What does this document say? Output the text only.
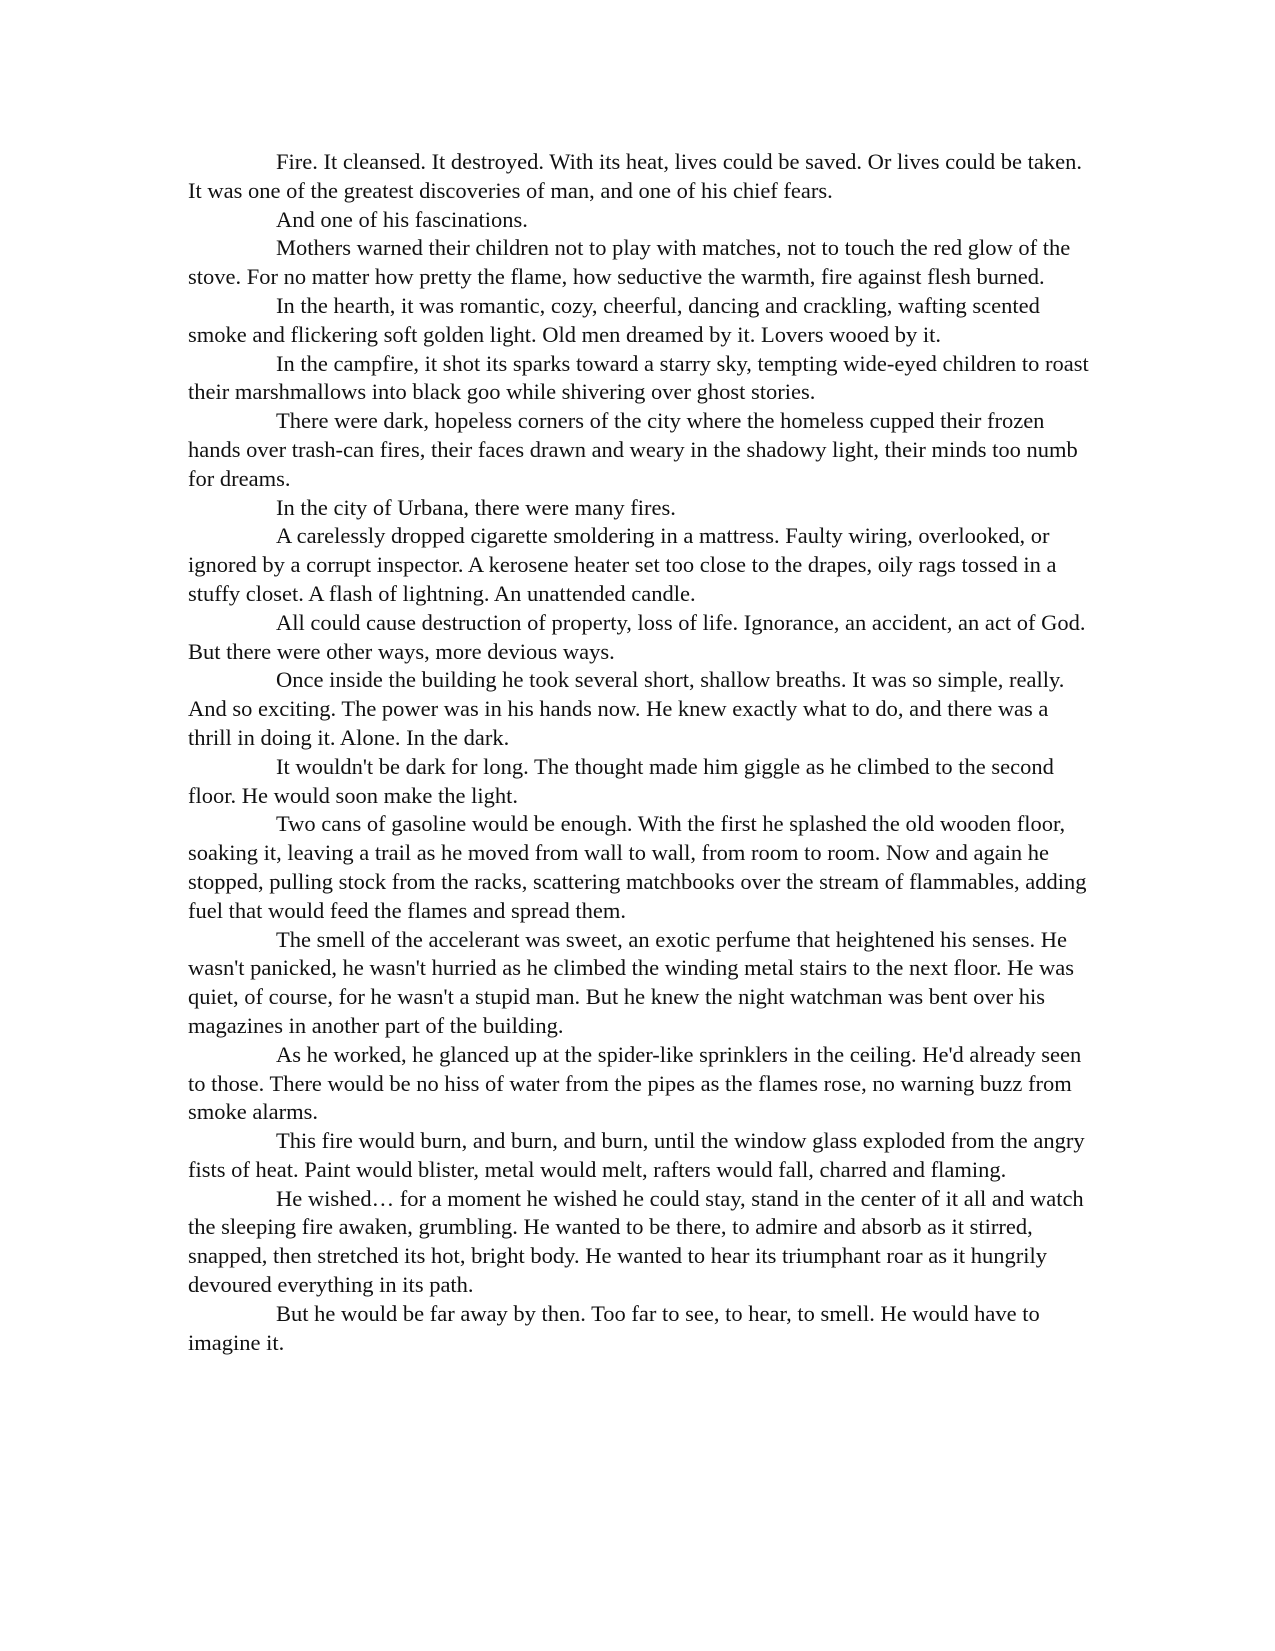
Fire. It cleansed. It destroyed. With its heat, lives could be saved. Or lives could be taken. It was one of the greatest discoveries of man, and one of his chief fears.

And one of his fascinations.

Mothers warned their children not to play with matches, not to touch the red glow of the stove. For no matter how pretty the flame, how seductive the warmth, fire against flesh burned.

In the hearth, it was romantic, cozy, cheerful, dancing and crackling, wafting scented smoke and flickering soft golden light. Old men dreamed by it. Lovers wooed by it.

In the campfire, it shot its sparks toward a starry sky, tempting wide-eyed children to roast their marshmallows into black goo while shivering over ghost stories.

There were dark, hopeless corners of the city where the homeless cupped their frozen hands over trash-can fires, their faces drawn and weary in the shadowy light, their minds too numb for dreams.

In the city of Urbana, there were many fires.

A carelessly dropped cigarette smoldering in a mattress. Faulty wiring, overlooked, or ignored by a corrupt inspector. A kerosene heater set too close to the drapes, oily rags tossed in a stuffy closet. A flash of lightning. An unattended candle.

All could cause destruction of property, loss of life. Ignorance, an accident, an act of God. But there were other ways, more devious ways.

Once inside the building he took several short, shallow breaths. It was so simple, really. And so exciting. The power was in his hands now. He knew exactly what to do, and there was a thrill in doing it. Alone. In the dark.

It wouldn't be dark for long. The thought made him giggle as he climbed to the second floor. He would soon make the light.

Two cans of gasoline would be enough. With the first he splashed the old wooden floor, soaking it, leaving a trail as he moved from wall to wall, from room to room. Now and again he stopped, pulling stock from the racks, scattering matchbooks over the stream of flammables, adding fuel that would feed the flames and spread them.

The smell of the accelerant was sweet, an exotic perfume that heightened his senses. He wasn't panicked, he wasn't hurried as he climbed the winding metal stairs to the next floor. He was quiet, of course, for he wasn't a stupid man. But he knew the night watchman was bent over his magazines in another part of the building.

As he worked, he glanced up at the spider-like sprinklers in the ceiling. He'd already seen to those. There would be no hiss of water from the pipes as the flames rose, no warning buzz from smoke alarms.

This fire would burn, and burn, and burn, until the window glass exploded from the angry fists of heat. Paint would blister, metal would melt, rafters would fall, charred and flaming.

He wished… for a moment he wished he could stay, stand in the center of it all and watch the sleeping fire awaken, grumbling. He wanted to be there, to admire and absorb as it stirred, snapped, then stretched its hot, bright body. He wanted to hear its triumphant roar as it hungrily devoured everything in its path.

But he would be far away by then. Too far to see, to hear, to smell. He would have to imagine it.
